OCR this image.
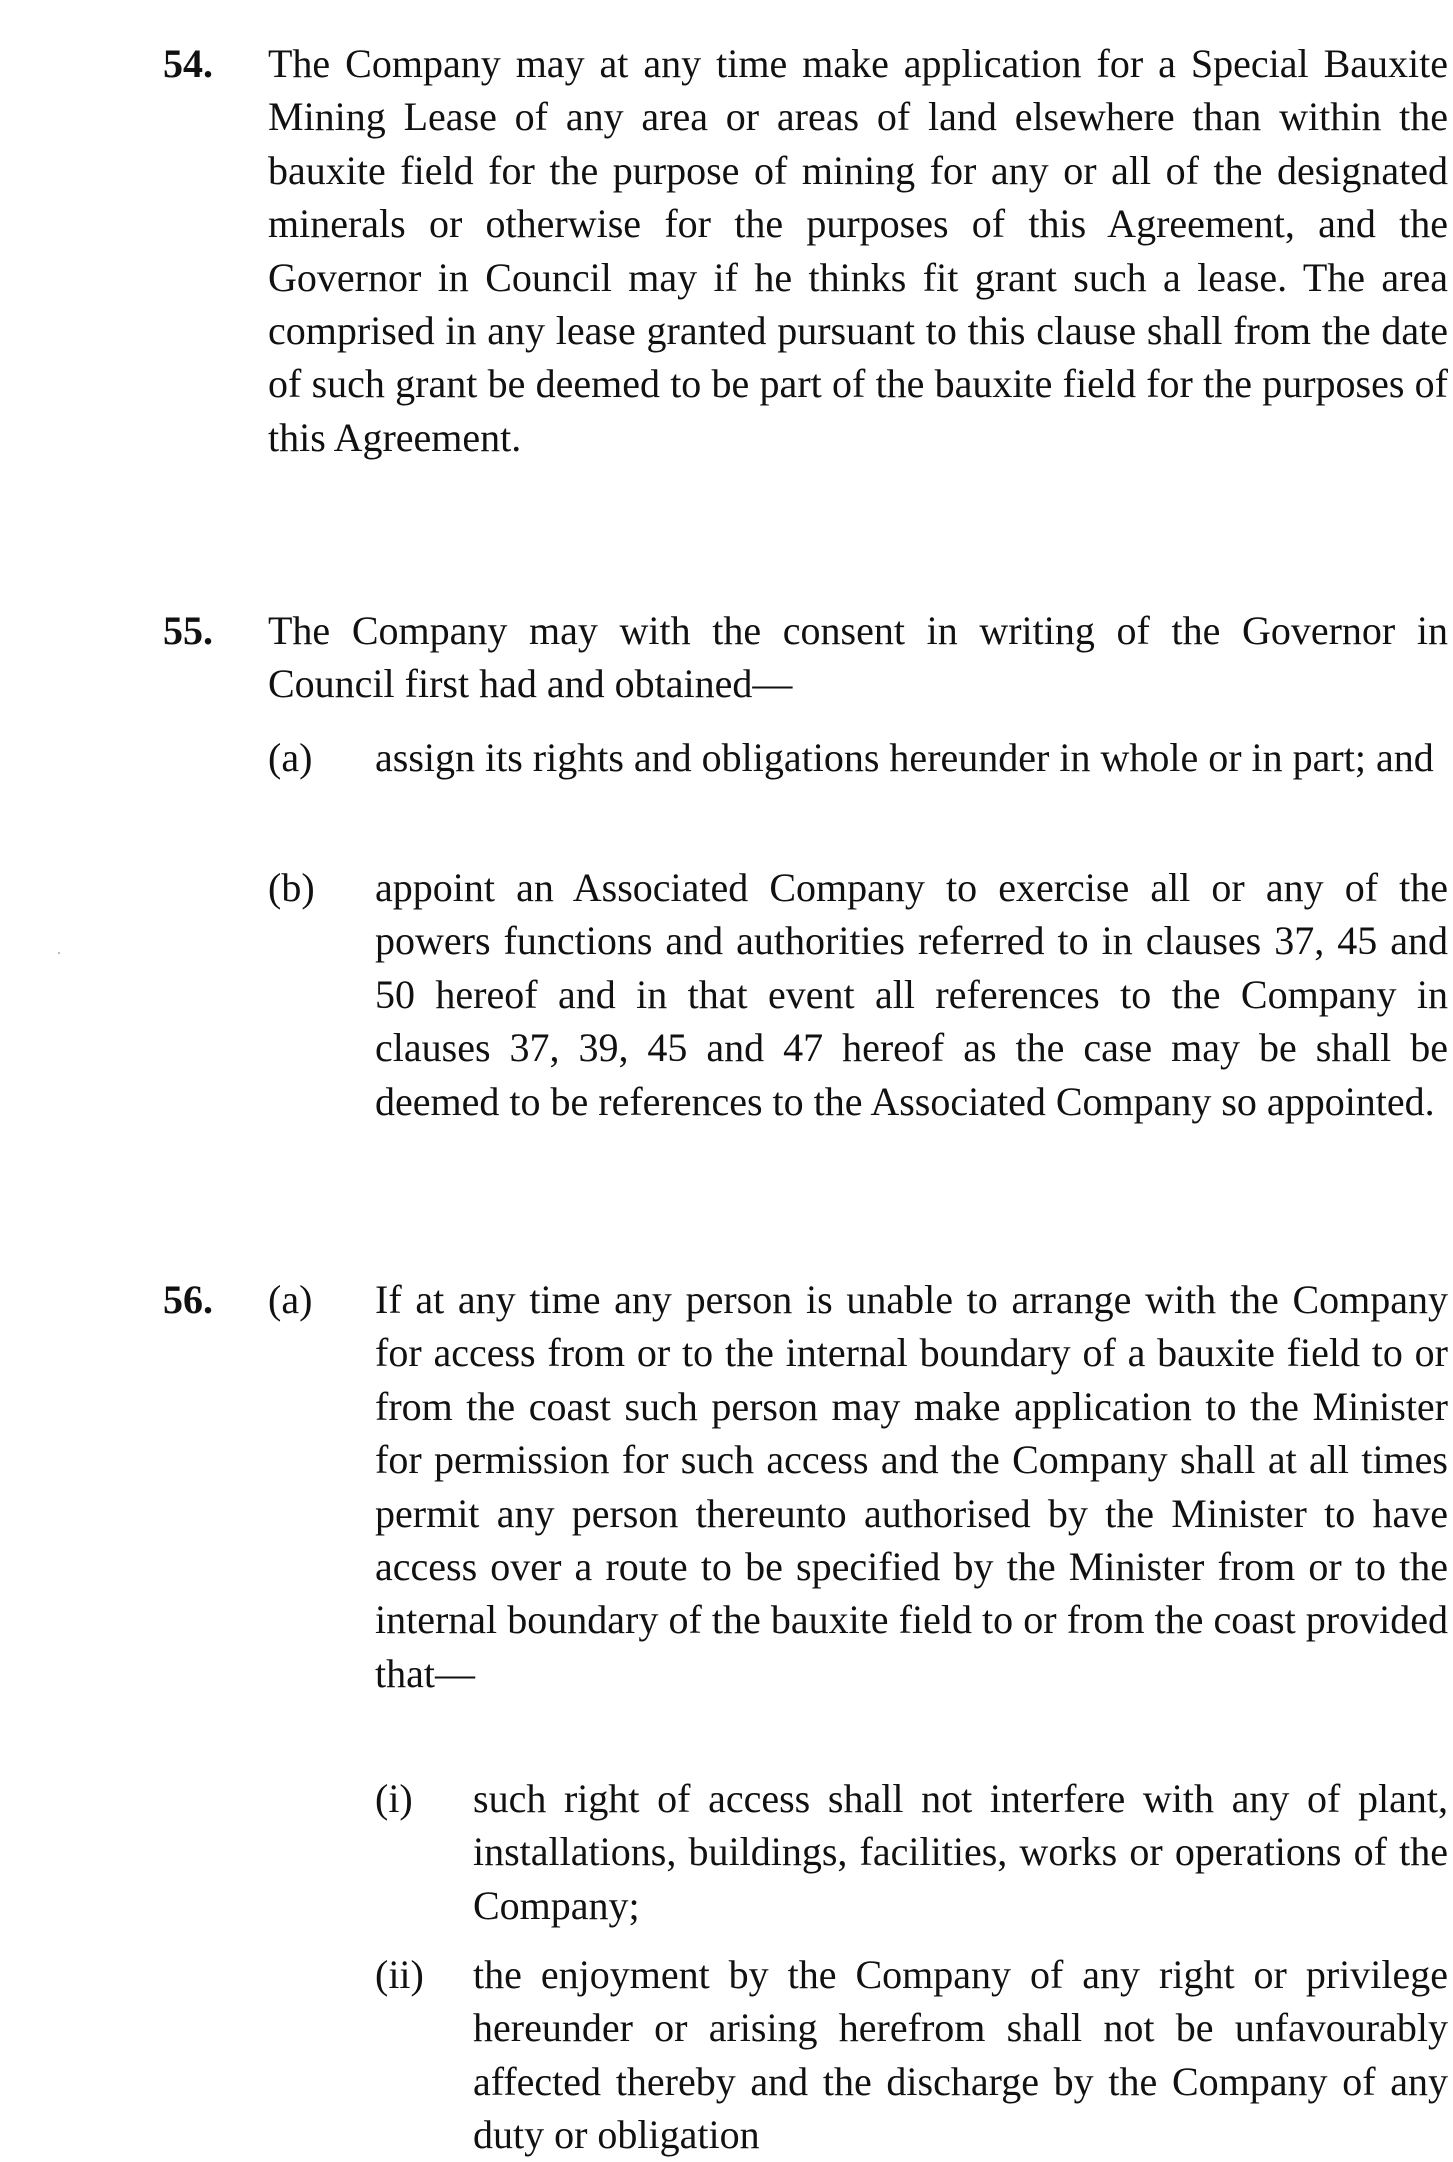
54. The Company may at any time make application for a Special Bauxite Mining Lease of any area or areas of land elsewhere than within the bauxite field for the purpose of mining for any or all of the designated minerals or otherwise for the purposes of this Agreement, and the Governor in Council may if he thinks fit grant such a lease. The area comprised in any lease granted pursuant to this clause shall from the date of such grant be deemed to be part of the bauxite field for the purposes of this Agreement.

55. The Company may with the consent in writing of the Governor in Council first had and obtained—

(a) assign its rights and obligations hereunder in whole or in part; and

(b) appoint an Associated Company to exercise all or any of the powers functions and authorities referred to in clauses 37, 45 and 50 hereof and in that event all references to the Company in clauses 37, 39, 45 and 47 hereof as the case may be shall be deemed to be references to the Associated Company so appointed.

56. (a) If at any time any person is unable to arrange with the Company for access from or to the internal boundary of a bauxite field to or from the coast such person may make application to the Minister for permission for such access and the Company shall at all times permit any person thereunto authorised by the Minister to have access over a route to be specified by the Minister from or to the internal boundary of the bauxite field to or from the coast provided that—

(i) such right of access shall not interfere with any of plant, installations, buildings, facilities, works or operations of the Company;

(ii) the enjoyment by the Company of any right or privilege hereunder or arising herefrom shall not be unfavourably affected thereby and the discharge by the Company of any duty or obligation
